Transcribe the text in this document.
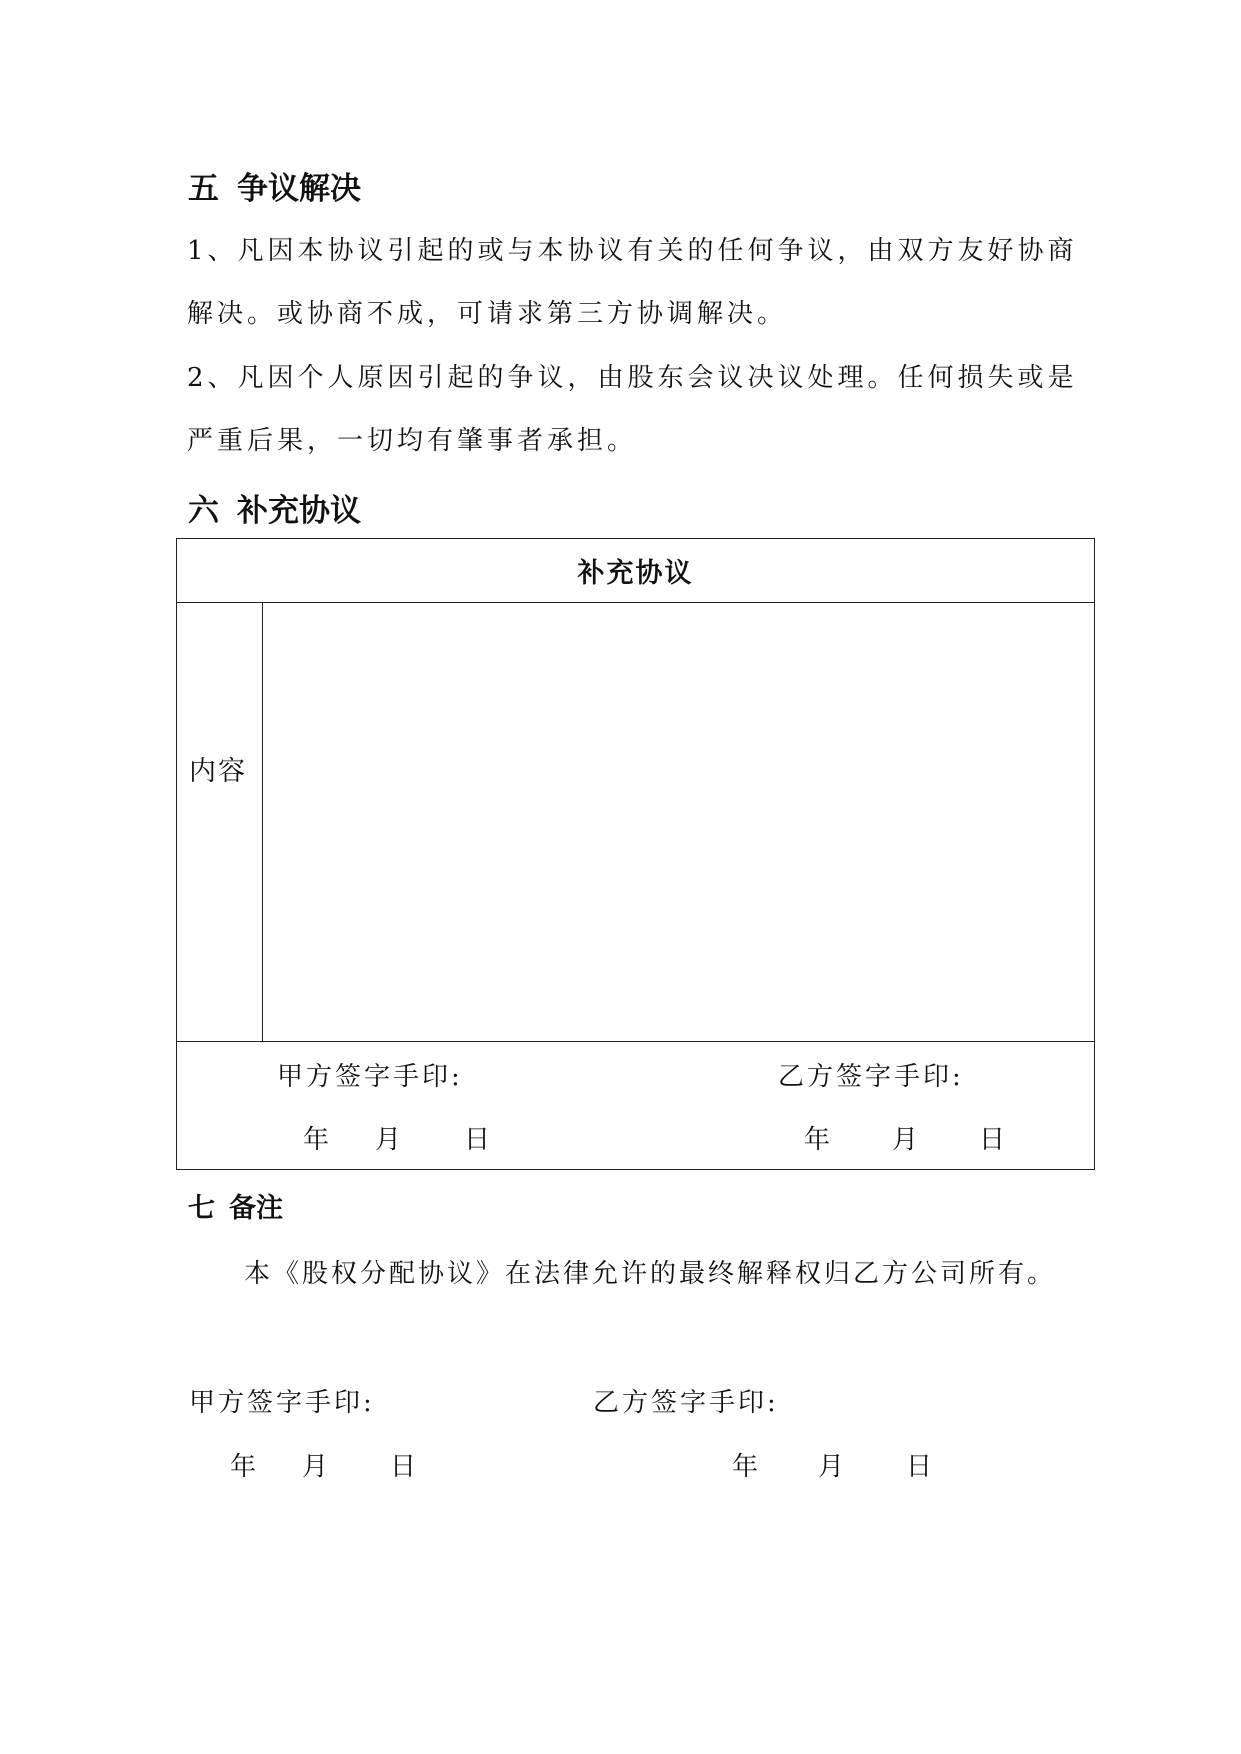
五 争议解决
1、凡因本协议引起的或与本协议有关的任何争议，由双方友好协商
解决。或协商不成，可请求第三方协调解决。
2、凡因个人原因引起的争议，由股东会议决议处理。任何损失或是
严重后果，一切均有肇事者承担。
六 补充协议
补充协议
内容
甲方签字手印:	乙方签字手印:
年 月 日	年 月 日
七 备注
本《股权分配协议》在法律允许的最终解释权归乙方公司所有。
甲方签字手印:	乙方签字手印:
年 月 日	年 月 日
